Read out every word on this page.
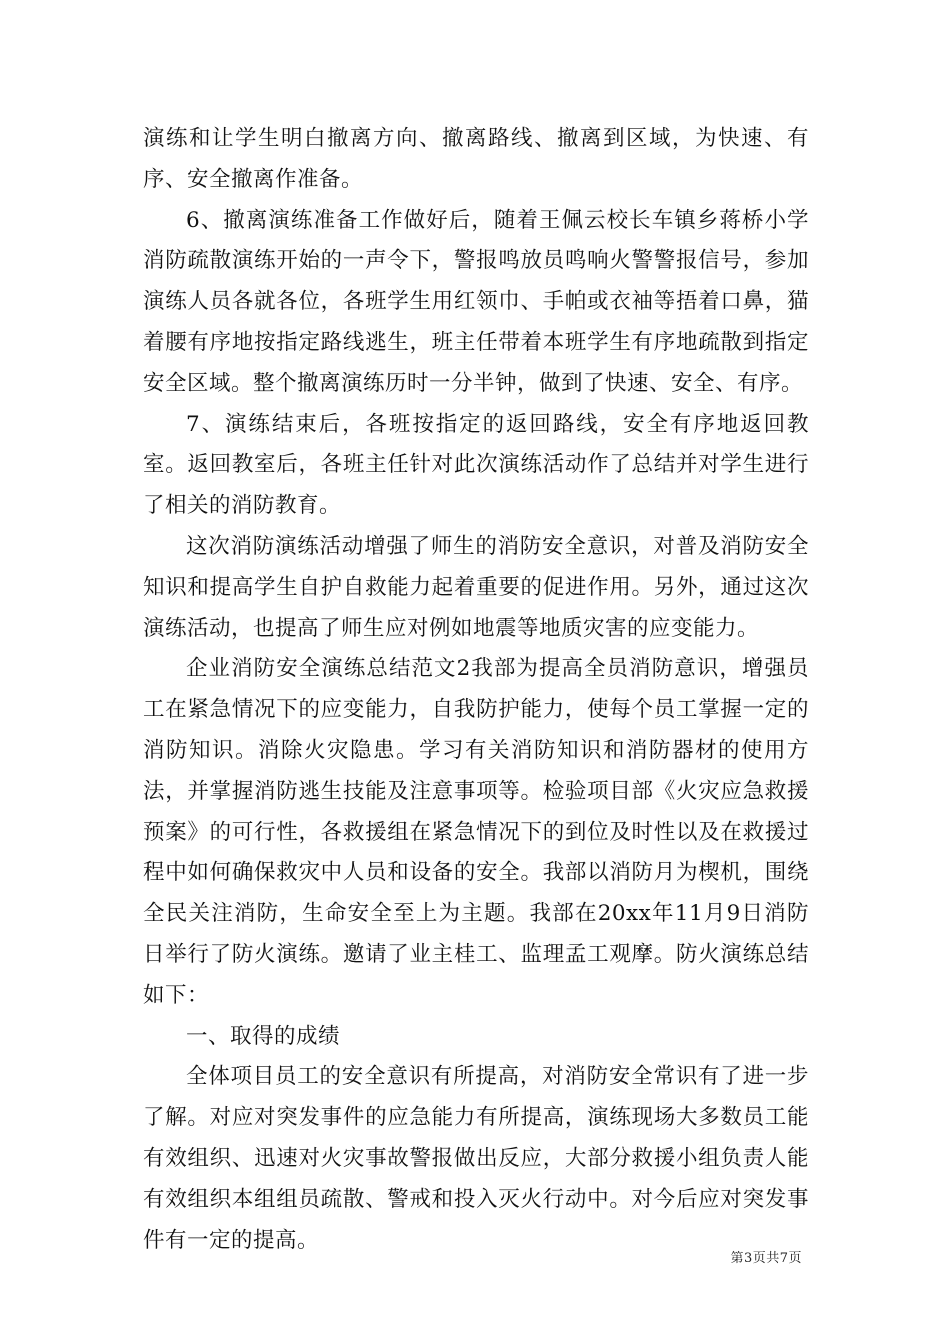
演练和让学生明白撤离方向、撤离路线、撤离到区域，为快速、有序、安全撤离作准备。

6、撤离演练准备工作做好后，随着王佩云校长车镇乡蒋桥小学消防疏散演练开始的一声令下，警报鸣放员鸣响火警警报信号，参加演练人员各就各位，各班学生用红领巾、手帕或衣袖等捂着口鼻，猫着腰有序地按指定路线逃生，班主任带着本班学生有序地疏散到指定安全区域。整个撤离演练历时一分半钟，做到了快速、安全、有序。

7、演练结束后，各班按指定的返回路线，安全有序地返回教室。返回教室后，各班主任针对此次演练活动作了总结并对学生进行了相关的消防教育。

这次消防演练活动增强了师生的消防安全意识，对普及消防安全知识和提高学生自护自救能力起着重要的促进作用。另外，通过这次演练活动，也提高了师生应对例如地震等地质灾害的应变能力。

企业消防安全演练总结范文2我部为提高全员消防意识，增强员工在紧急情况下的应变能力，自我防护能力，使每个员工掌握一定的消防知识。消除火灾隐患。学习有关消防知识和消防器材的使用方法，并掌握消防逃生技能及注意事项等。检验项目部《火灾应急救援预案》的可行性，各救援组在紧急情况下的到位及时性以及在救援过程中如何确保救灾中人员和设备的安全。我部以消防月为楔机，围绕全民关注消防，生命安全至上为主题。我部在20xx年11月9日消防日举行了防火演练。邀请了业主桂工、监理孟工观摩。防火演练总结如下：

一、取得的成绩

全体项目员工的安全意识有所提高，对消防安全常识有了进一步了解。对应对突发事件的应急能力有所提高，演练现场大多数员工能有效组织、迅速对火灾事故警报做出反应，大部分救援小组负责人能有效组织本组组员疏散、警戒和投入灭火行动中。对今后应对突发事件有一定的提高。

第3页共7页
